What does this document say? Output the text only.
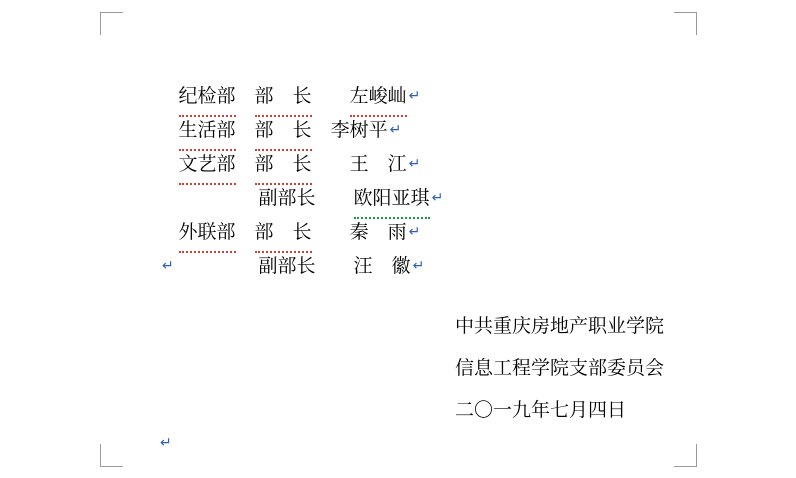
纪检部　 部　长　　 左峻屾 ↵

生活部　 部　长　 李树平 ↵

文艺部　 部　长　　 王　江 ↵

副部长　　 欧阳亚琪 ↵

外联部　 部　长　　 秦　雨 ↵

副部长　　 汪　徽 ↵

↵
中共重庆房地产职业学院
信息工程学院支部委员会
二〇一九年七月四日
↵
